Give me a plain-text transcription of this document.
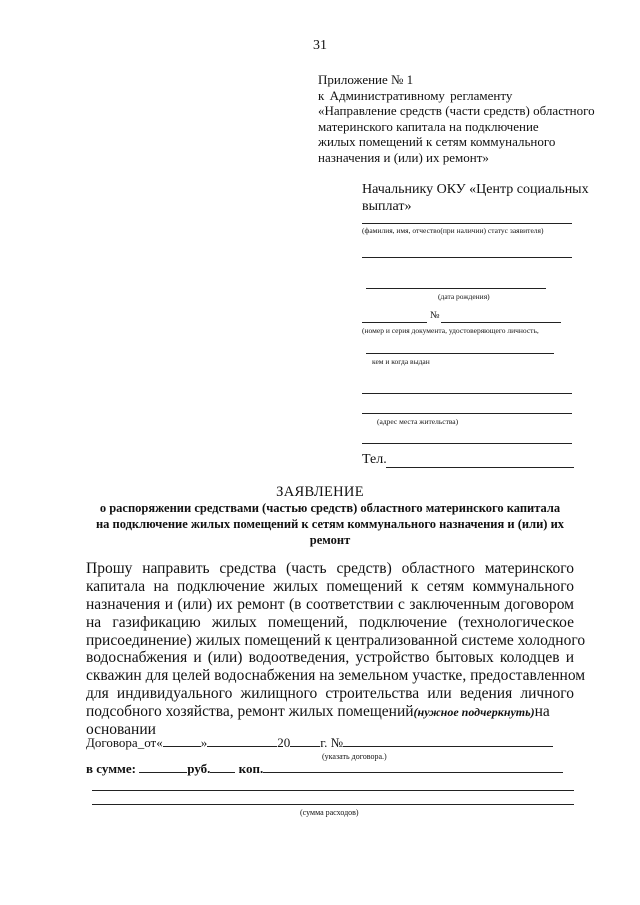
31
Приложение № 1
к Административному регламенту
«Направление средств (части средств) областного
материнского капитала на подключение
жилых помещений к сетям коммунального
назначения и (или) их ремонт»
Начальнику ОКУ «Центр социальных
выплат»
(фамилия, имя, отчество(при наличии) статус заявителя)
(дата рождения)
№
(номер и серия документа, удостоверяющего личность,
кем и когда выдан
(адрес места жительства)
Тел.
ЗАЯВЛЕНИЕ
о распоряжении средствами (частью средств) областного материнского капитала
на подключение жилых помещений к сетям коммунального назначения и (или) их
ремонт
Прошу направить средства (часть средств) областного материнского
капитала на подключение жилых помещений к сетям коммунального
назначения и (или) их ремонт (в соответствии с заключенным договором
на газификацию жилых помещений, подключение (технологическое
присоединение) жилых помещений к централизованной системе холодного
водоснабжения и (или) водоотведения, устройство бытовых колодцев и
скважин для целей водоснабжения на земельном участке, предоставленном
для индивидуального жилищного строительства или ведения личного
подсобного хозяйства, ремонт жилых помещений(нужное подчеркнуть)на
основании
Договора_от«	»	20 г. №
(указать договора.)
в сумме:	руб. коп.
(сумма расходов)
